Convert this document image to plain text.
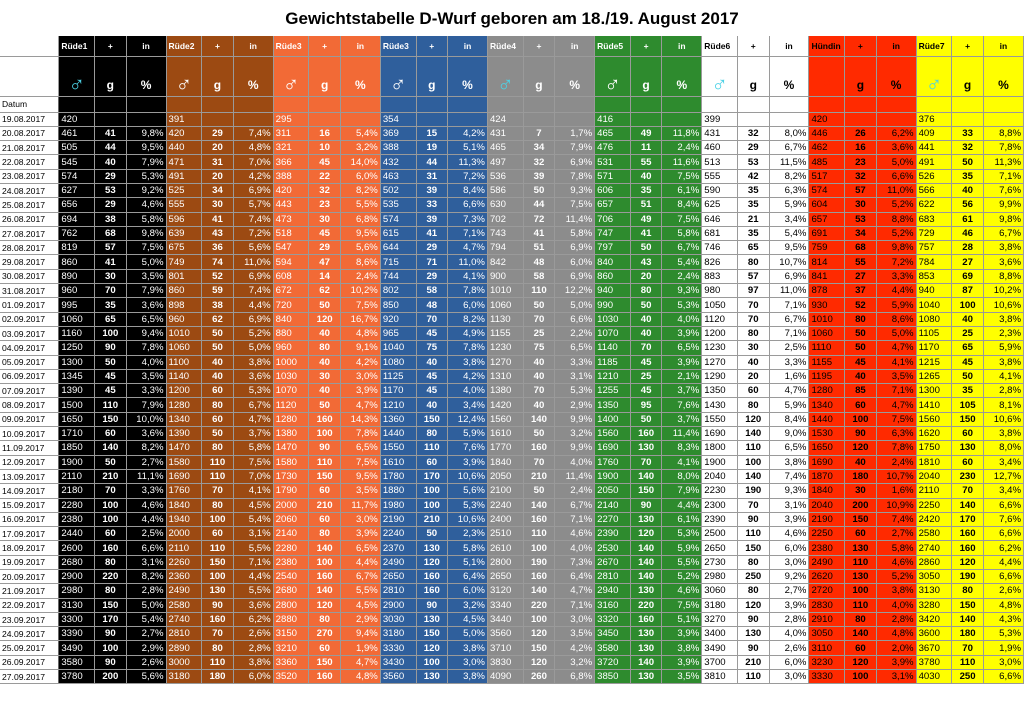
Gewichtstabelle D-Wurf geboren am 18./19. August 2017
	Rüde1	+	in	Rüde2	+	in	Rüde3	+	in	Rüde3	+	in	Rüde4	+	in	Rüde5	+	in	Rüde6	+	in	Hündin	+	in	Rüde7	+	in

	♂	g	%	♂	g	%	♂	g	%	♂	g	%	♂	g	%	♂	g	%	♂	g	%	♀	g	%	♂	g	%
Datum																											
19.08.2017	420			391			295			354			424			416			399			420			376		
20.08.2017	461	41	9,8%	420	29	7,4%	311	16	5,4%	369	15	4,2%	431	7	1,7%	465	49	11,8%	431	32	8,0%	446	26	6,2%	409	33	8,8%
21.08.2017	505	44	9,5%	440	20	4,8%	321	10	3,2%	388	19	5,1%	465	34	7,9%	476	11	2,4%	460	29	6,7%	462	16	3,6%	441	32	7,8%
22.08.2017	545	40	7,9%	471	31	7,0%	366	45	14,0%	432	44	11,3%	497	32	6,9%	531	55	11,6%	513	53	11,5%	485	23	5,0%	491	50	11,3%
23.08.2017	574	29	5,3%	491	20	4,2%	388	22	6,0%	463	31	7,2%	536	39	7,8%	571	40	7,5%	555	42	8,2%	517	32	6,6%	526	35	7,1%
24.08.2017	627	53	9,2%	525	34	6,9%	420	32	8,2%	502	39	8,4%	586	50	9,3%	606	35	6,1%	590	35	6,3%	574	57	11,0%	566	40	7,6%
25.08.2017	656	29	4,6%	555	30	5,7%	443	23	5,5%	535	33	6,6%	630	44	7,5%	657	51	8,4%	625	35	5,9%	604	30	5,2%	622	56	9,9%
26.08.2017	694	38	5,8%	596	41	7,4%	473	30	6,8%	574	39	7,3%	702	72	11,4%	706	49	7,5%	646	21	3,4%	657	53	8,8%	683	61	9,8%
27.08.2017	762	68	9,8%	639	43	7,2%	518	45	9,5%	615	41	7,1%	743	41	5,8%	747	41	5,8%	681	35	5,4%	691	34	5,2%	729	46	6,7%
28.08.2017	819	57	7,5%	675	36	5,6%	547	29	5,6%	644	29	4,7%	794	51	6,9%	797	50	6,7%	746	65	9,5%	759	68	9,8%	757	28	3,8%
29.08.2017	860	41	5,0%	749	74	11,0%	594	47	8,6%	715	71	11,0%	842	48	6,0%	840	43	5,4%	826	80	10,7%	814	55	7,2%	784	27	3,6%
30.08.2017	890	30	3,5%	801	52	6,9%	608	14	2,4%	744	29	4,1%	900	58	6,9%	860	20	2,4%	883	57	6,9%	841	27	3,3%	853	69	8,8%
31.08.2017	960	70	7,9%	860	59	7,4%	672	62	10,2%	802	58	7,8%	1010	110	12,2%	940	80	9,3%	980	97	11,0%	878	37	4,4%	940	87	10,2%
01.09.2017	995	35	3,6%	898	38	4,4%	720	50	7,5%	850	48	6,0%	1060	50	5,0%	990	50	5,3%	1050	70	7,1%	930	52	5,9%	1040	100	10,6%
02.09.2017	1060	65	6,5%	960	62	6,9%	840	120	16,7%	920	70	8,2%	1130	70	6,6%	1030	40	4,0%	1120	70	6,7%	1010	80	8,6%	1080	40	3,8%
03.09.2017	1160	100	9,4%	1010	50	5,2%	880	40	4,8%	965	45	4,9%	1155	25	2,2%	1070	40	3,9%	1200	80	7,1%	1060	50	5,0%	1105	25	2,3%
04.09.2017	1250	90	7,8%	1060	50	5,0%	960	80	9,1%	1040	75	7,8%	1230	75	6,5%	1140	70	6,5%	1230	30	2,5%	1110	50	4,7%	1170	65	5,9%
05.09.2017	1300	50	4,0%	1100	40	3,8%	1000	40	4,2%	1080	40	3,8%	1270	40	3,3%	1185	45	3,9%	1270	40	3,3%	1155	45	4,1%	1215	45	3,8%
06.09.2017	1345	45	3,5%	1140	40	3,6%	1030	30	3,0%	1125	45	4,2%	1310	40	3,1%	1210	25	2,1%	1290	20	1,6%	1195	40	3,5%	1265	50	4,1%
07.09.2017	1390	45	3,3%	1200	60	5,3%	1070	40	3,9%	1170	45	4,0%	1380	70	5,3%	1255	45	3,7%	1350	60	4,7%	1280	85	7,1%	1300	35	2,8%
08.09.2017	1500	110	7,9%	1280	80	6,7%	1120	50	4,7%	1210	40	3,4%	1420	40	2,9%	1350	95	7,6%	1430	80	5,9%	1340	60	4,7%	1410	105	8,1%
09.09.2017	1650	150	10,0%	1340	60	4,7%	1280	160	14,3%	1360	150	12,4%	1560	140	9,9%	1400	50	3,7%	1550	120	8,4%	1440	100	7,5%	1560	150	10,6%
10.09.2017	1710	60	3,6%	1390	50	3,7%	1380	100	7,8%	1440	80	5,9%	1610	50	3,2%	1560	160	11,4%	1690	140	9,0%	1530	90	6,3%	1620	60	3,8%
11.09.2017	1850	140	8,2%	1470	80	5,8%	1470	90	6,5%	1550	110	7,6%	1770	160	9,9%	1690	130	8,3%	1800	110	6,5%	1650	120	7,8%	1750	130	8,0%
12.09.2017	1900	50	2,7%	1580	110	7,5%	1580	110	7,5%	1610	60	3,9%	1840	70	4,0%	1760	70	4,1%	1900	100	3,8%	1690	40	2,4%	1810	60	3,4%
13.09.2017	2110	210	11,1%	1690	110	7,0%	1730	150	9,5%	1780	170	10,6%	2050	210	11,4%	1900	140	8,0%	2040	140	7,4%	1870	180	10,7%	2040	230	12,7%
14.09.2017	2180	70	3,3%	1760	70	4,1%	1790	60	3,5%	1880	100	5,6%	2100	50	2,4%	2050	150	7,9%	2230	190	9,3%	1840	30	1,6%	2110	70	3,4%
15.09.2017	2280	100	4,6%	1840	80	4,5%	2000	210	11,7%	1980	100	5,3%	2240	140	6,7%	2140	90	4,4%	2300	70	3,1%	2040	200	10,9%	2250	140	6,6%
16.09.2017	2380	100	4,4%	1940	100	5,4%	2060	60	3,0%	2190	210	10,6%	2400	160	7,1%	2270	130	6,1%	2390	90	3,9%	2190	150	7,4%	2420	170	7,6%
17.09.2017	2440	60	2,5%	2000	60	3,1%	2140	80	3,9%	2240	50	2,3%	2510	110	4,6%	2390	120	5,3%	2500	110	4,6%	2250	60	2,7%	2580	160	6,6%
18.09.2017	2600	160	6,6%	2110	110	5,5%	2280	140	6,5%	2370	130	5,8%	2610	100	4,0%	2530	140	5,9%	2650	150	6,0%	2380	130	5,8%	2740	160	6,2%
19.09.2017	2680	80	3,1%	2260	150	7,1%	2380	100	4,4%	2490	120	5,1%	2800	190	7,3%	2670	140	5,5%	2730	80	3,0%	2490	110	4,6%	2860	120	4,4%
20.09.2017	2900	220	8,2%	2360	100	4,4%	2540	160	6,7%	2650	160	6,4%	2650	160	6,4%	2810	140	5,2%	2980	250	9,2%	2620	130	5,2%	3050	190	6,6%
21.09.2017	2980	80	2,8%	2490	130	5,5%	2680	140	5,5%	2810	160	6,0%	3120	140	4,7%	2940	130	4,6%	3060	80	2,7%	2720	100	3,8%	3130	80	2,6%
22.09.2017	3130	150	5,0%	2580	90	3,6%	2800	120	4,5%	2900	90	3,2%	3340	220	7,1%	3160	220	7,5%	3180	120	3,9%	2830	110	4,0%	3280	150	4,8%
23.09.2017	3300	170	5,4%	2740	160	6,2%	2880	80	2,9%	3030	130	4,5%	3440	100	3,0%	3320	160	5,1%	3270	90	2,8%	2910	80	2,8%	3420	140	4,3%
24.09.2017	3390	90	2,7%	2810	70	2,6%	3150	270	9,4%	3180	150	5,0%	3560	120	3,5%	3450	130	3,9%	3400	130	4,0%	3050	140	4,8%	3600	180	5,3%
25.09.2017	3490	100	2,9%	2890	80	2,8%	3210	60	1,9%	3330	120	3,8%	3710	150	4,2%	3580	130	3,8%	3490	90	2,6%	3110	60	2,0%	3670	70	1,9%
26.09.2017	3580	90	2,6%	3000	110	3,8%	3360	150	4,7%	3430	100	3,0%	3830	120	3,2%	3720	140	3,9%	3700	210	6,0%	3230	120	3,9%	3780	110	3,0%
27.09.2017	3780	200	5,6%	3180	180	6,0%	3520	160	4,8%	3560	130	3,8%	4090	260	6,8%	3850	130	3,5%	3810	110	3,0%	3330	100	3,1%	4030	250	6,6%
